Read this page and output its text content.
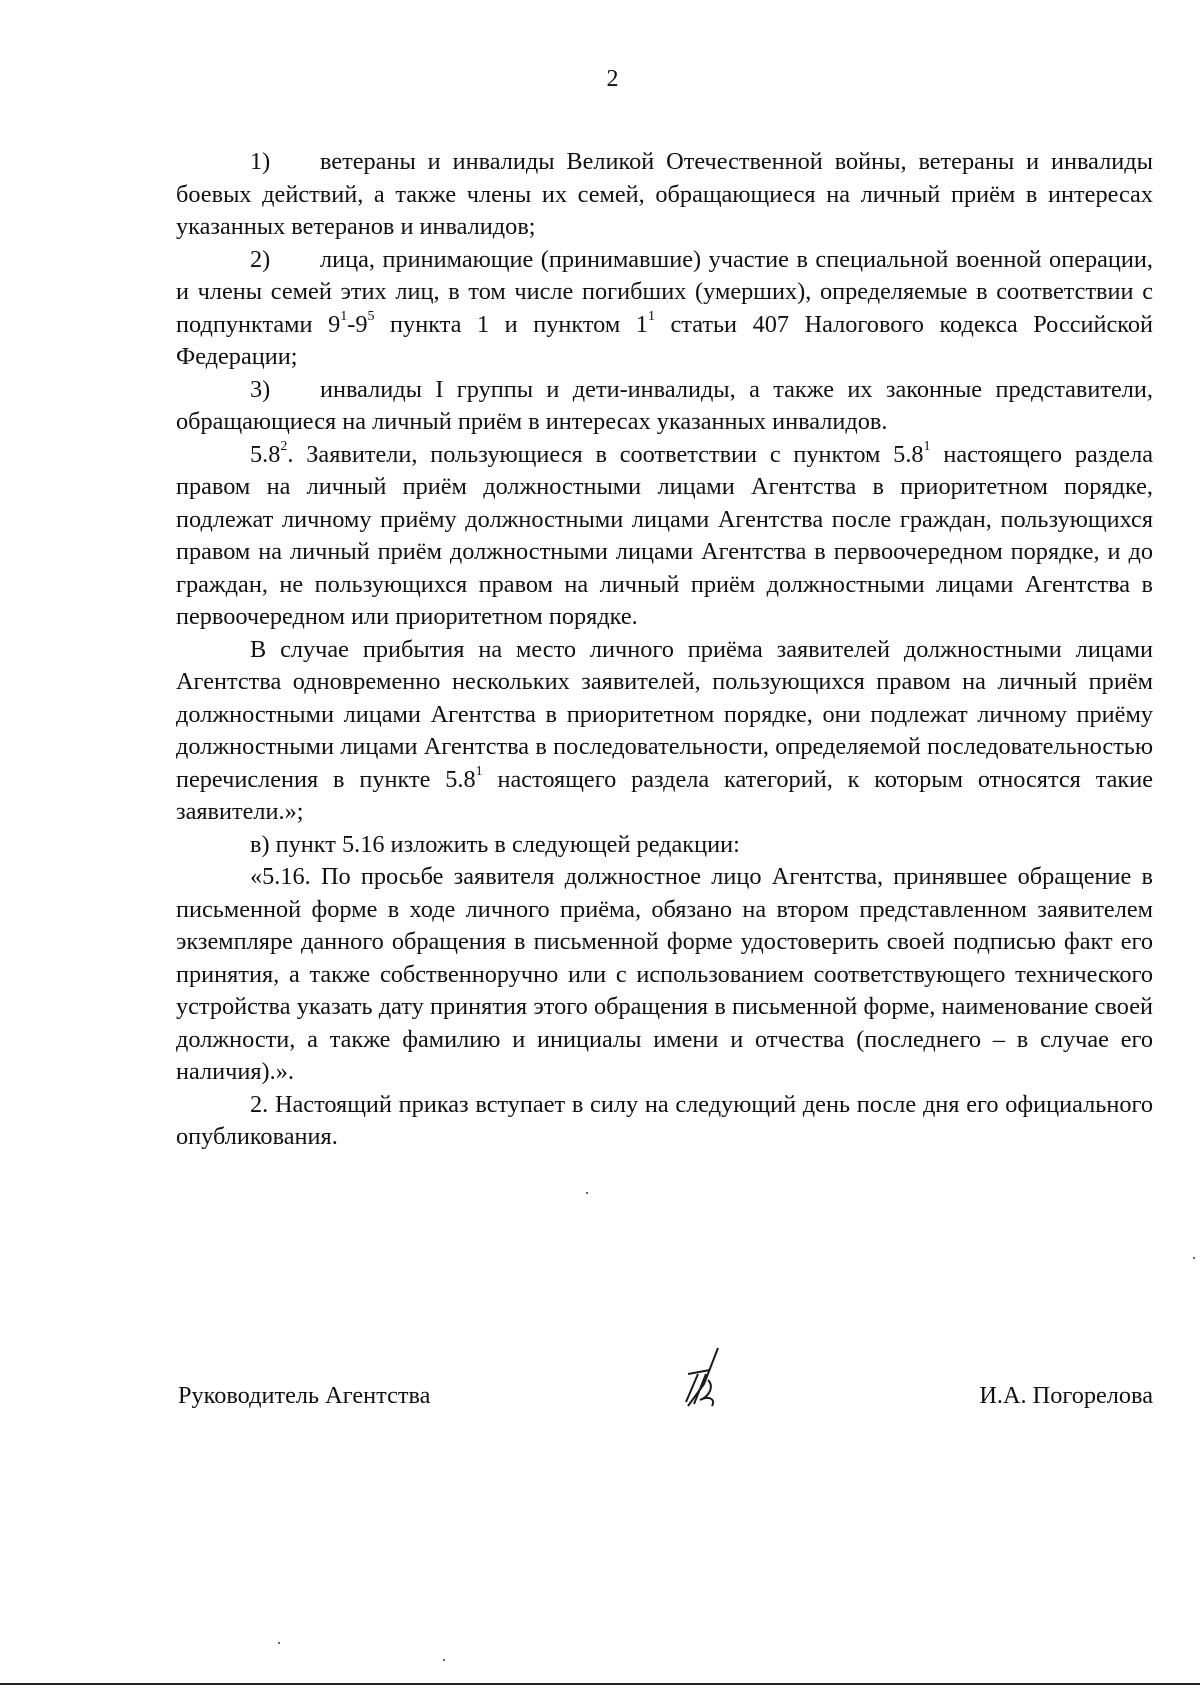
2

1) ветераны и инвалиды Великой Отечественной войны, ветераны и инвалиды боевых действий, а также члены их семей, обращающиеся на личный приём в интересах указанных ветеранов и инвалидов;

2) лица, принимающие (принимавшие) участие в специальной военной операции, и члены семей этих лиц, в том числе погибших (умерших), определяемые в соответствии с подпунктами $9^1-9^5$ пункта 1 и пунктом $1^1$ статьи 407 Налогового кодекса Российской Федерации;

3) инвалиды I группы и дети-инвалиды, а также их законные представители, обращающиеся на личный приём в интересах указанных инвалидов.

$5.8^2$. Заявители, пользующиеся в соответствии с пунктом $5.8^1$ настоящего раздела правом на личный приём должностными лицами Агентства в приоритетном порядке, подлежат личному приёму должностными лицами Агентства после граждан, пользующихся правом на личный приём должностными лицами Агентства в первоочередном порядке, и до граждан, не пользующихся правом на личный приём должностными лицами Агентства в первоочередном или приоритетном порядке.

В случае прибытия на место личного приёма заявителей должностными лицами Агентства одновременно нескольких заявителей, пользующихся правом на личный приём должностными лицами Агентства в приоритетном порядке, они подлежат личному приёму должностными лицами Агентства в последовательности, определяемой последовательностью перечисления в пункте $5.8^1$ настоящего раздела категорий, к которым относятся такие заявители.»;

в) пункт 5.16 изложить в следующей редакции:

«5.16. По просьбе заявителя должностное лицо Агентства, принявшее обращение в письменной форме в ходе личного приёма, обязано на втором представленном заявителем экземпляре данного обращения в письменной форме удостоверить своей подписью факт его принятия, а также собственноручно или с использованием соответствующего технического устройства указать дату принятия этого обращения в письменной форме, наименование своей должности, а также фамилию и инициалы имени и отчества (последнего – в случае его наличия).».

2. Настоящий приказ вступает в силу на следующий день после дня его официального опубликования.

Руководитель Агентства	И.А. Погорелова
